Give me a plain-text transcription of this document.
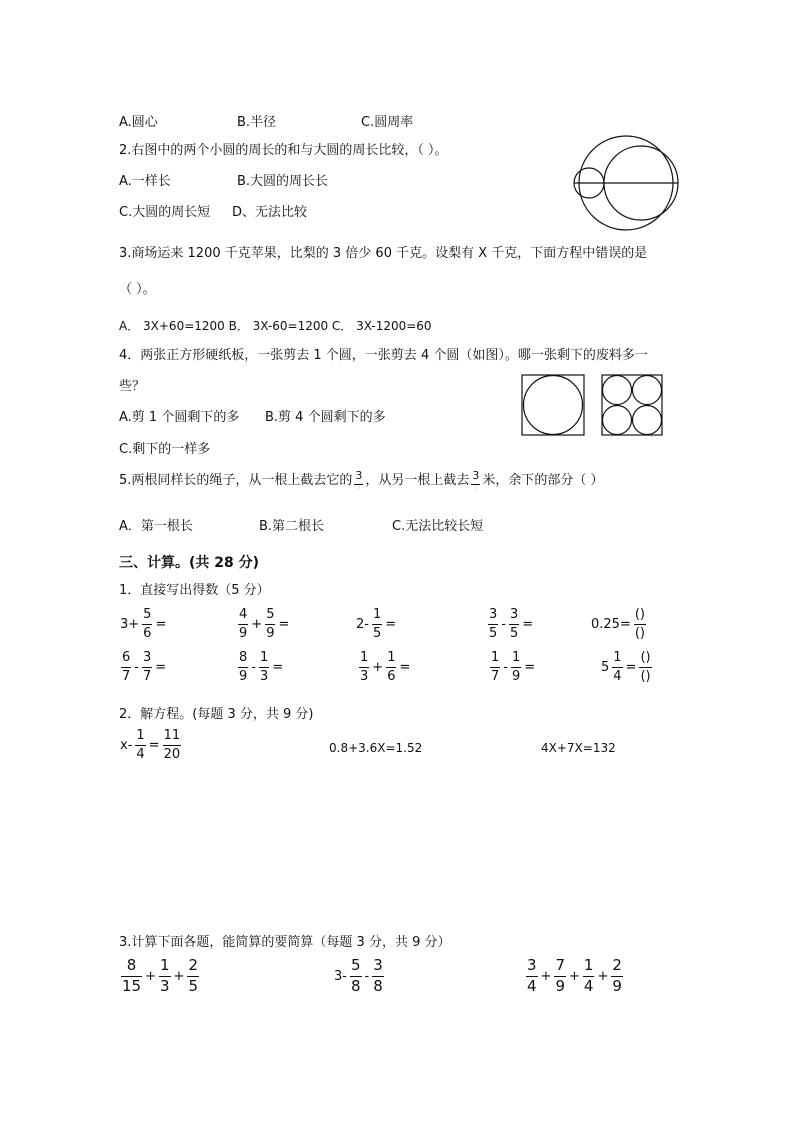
A.圆心	B.半径	C.圆周率
2.右图中的两个小圆的周长的和与大圆的周长比较，（ ）。
A.一样长	B.大圆的周长长
C.大圆的周长短 D、无法比较
3.商场运来 1200 千克苹果，比梨的 3 倍少 60 千克。设梨有 X 千克，下面方程中错误的是
（ ）。
A． 3X+60=1200 B． 3X-60=1200 C． 3X-1200=60
4．两张正方形硬纸板，一张剪去 1 个圆，一张剪去 4 个圆（如图）。哪一张剩下的废料多一
些？
A.剪 1 个圆剩下的多 B.剪 4 个圆剩下的多
C.剩下的一样多
5.两根同样长的绳子，从一根上截去它的 $\frac{3}{7}$ ，从另一根上截去 $\frac{3}{7}$ 米，余下的部分（ ）
A．第一根长	B.第二根长	C.无法比较长短
三、计算。(共 28 分)
1．直接写出得数（5 分）
2．解方程。(每题 3 分，共 9 分)
0.8+3.6X=1.52	4X+7X=132
3.计算下面各题，能简算的要简算（每题 3 分，共 9 分）
$3+ \frac{5}{6}$ =	$\frac{4}{9} + \frac{5}{9}$ =	$2- \frac{1}{5}$ =	$\frac{3}{5} - \frac{3}{5}$ =	$0.25= \frac{()}{()}$
$\frac{6}{7} - \frac{3}{7}$ =	$\frac{8}{9} - \frac{1}{3}$ =	$\frac{1}{3} + \frac{1}{6}$ =	$\frac{1}{7} - \frac{1}{9}$ =	$5 \frac{1}{4} = \frac{()}{()}$
$x- \frac{1}{4} = \frac{11}{20}$
$\frac{8}{15} + \frac{1}{3} + \frac{2}{5}$	$3- \frac{5}{8} - \frac{3}{8}$	$\frac{3}{4} + \frac{7}{9} + \frac{1}{4} + \frac{2}{9}$
